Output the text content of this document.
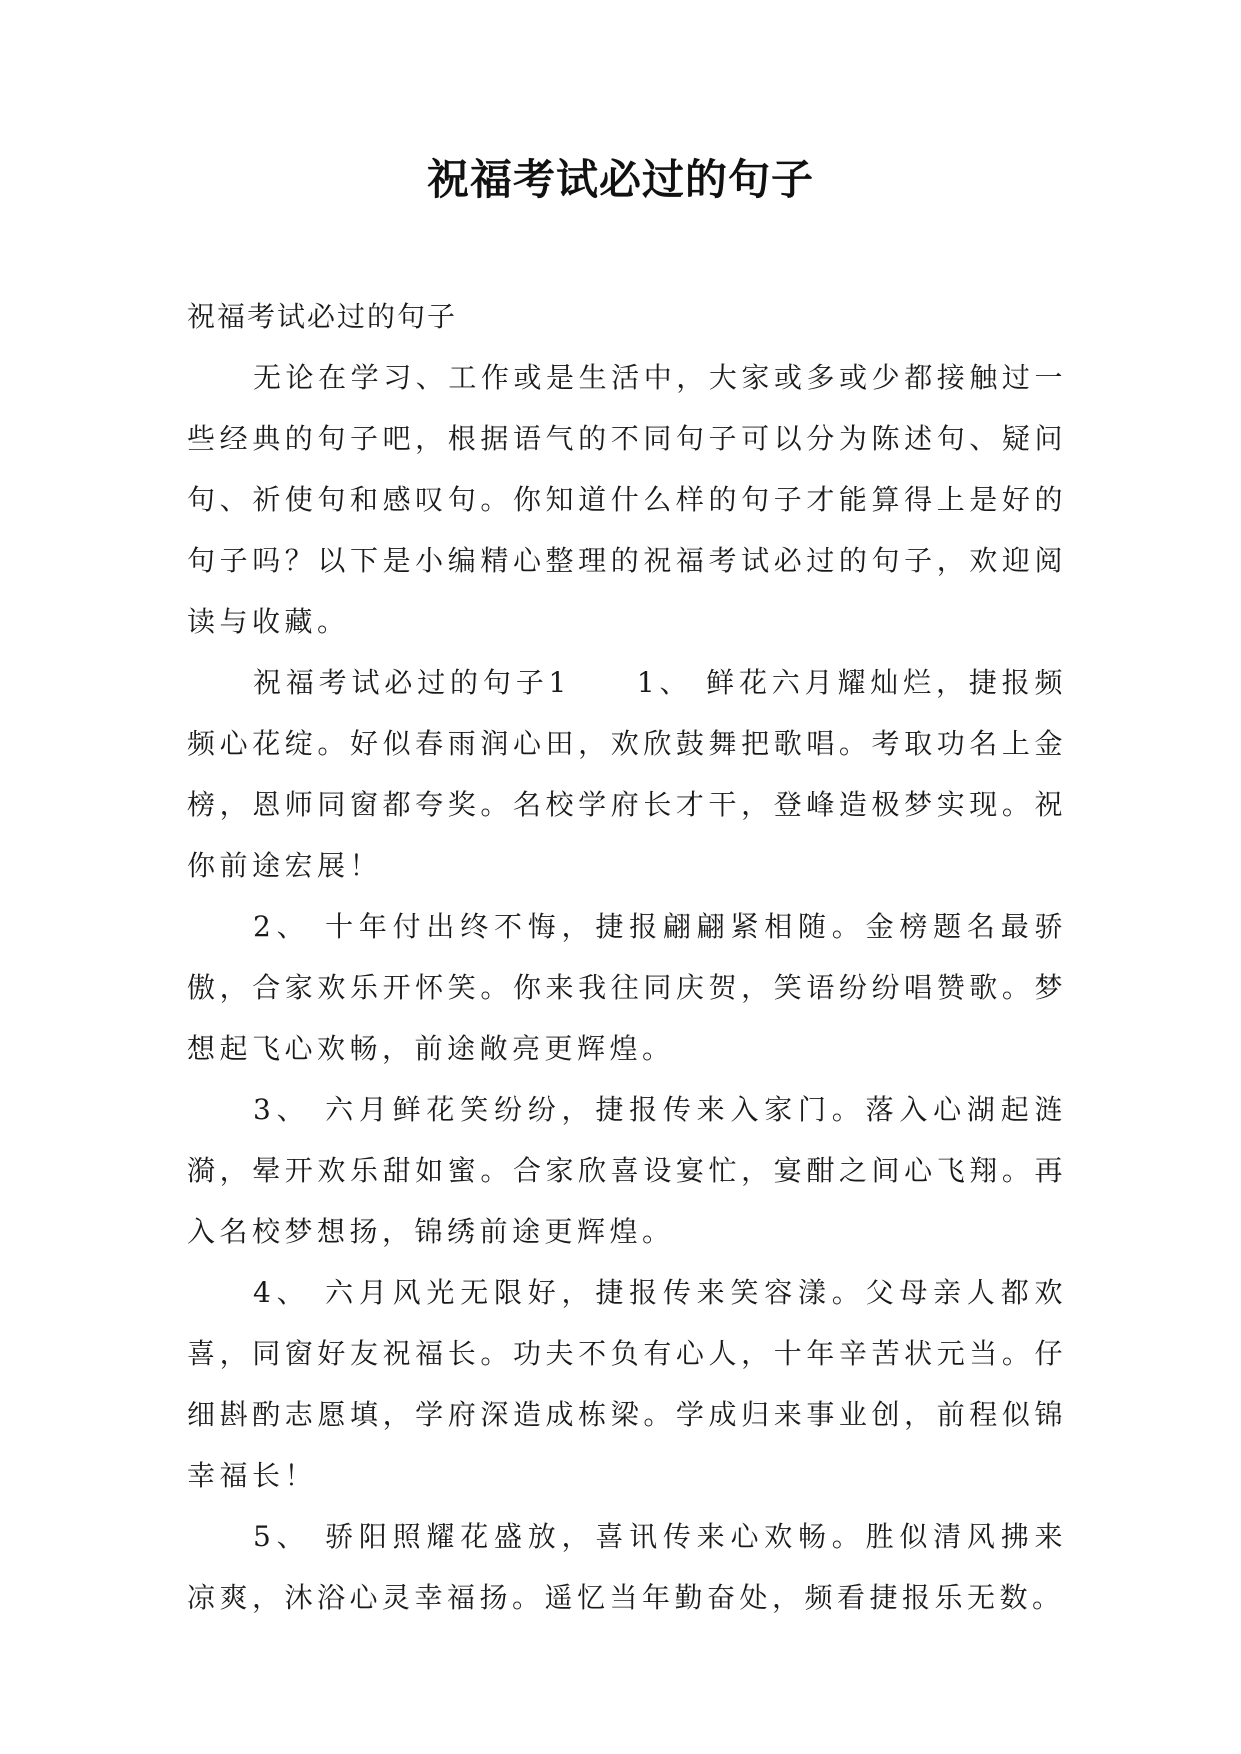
祝福考试必过的句子

祝福考试必过的句子

无论在学习、工作或是生活中，大家或多或少都接触过一些经典的句子吧，根据语气的不同句子可以分为陈述句、疑问句、祈使句和感叹句。你知道什么样的句子才能算得上是好的句子吗？以下是小编精心整理的祝福考试必过的句子，欢迎阅读与收藏。

祝福考试必过的句子1　　1、 鲜花六月耀灿烂，捷报频频心花绽。好似春雨润心田，欢欣鼓舞把歌唱。考取功名上金榜，恩师同窗都夸奖。名校学府长才干，登峰造极梦实现。祝你前途宏展！

2、 十年付出终不悔，捷报翩翩紧相随。金榜题名最骄傲，合家欢乐开怀笑。你来我往同庆贺，笑语纷纷唱赞歌。梦想起飞心欢畅，前途敞亮更辉煌。

3、 六月鲜花笑纷纷，捷报传来入家门。落入心湖起涟漪，晕开欢乐甜如蜜。合家欣喜设宴忙，宴酣之间心飞翔。再入名校梦想扬，锦绣前途更辉煌。

4、 六月风光无限好，捷报传来笑容漾。父母亲人都欢喜，同窗好友祝福长。功夫不负有心人，十年辛苦状元当。仔细斟酌志愿填，学府深造成栋梁。学成归来事业创，前程似锦幸福长！

5、 骄阳照耀花盛放，喜讯传来心欢畅。胜似清风拂来凉爽，沐浴心灵幸福扬。遥忆当年勤奋处，频看捷报乐无数。
